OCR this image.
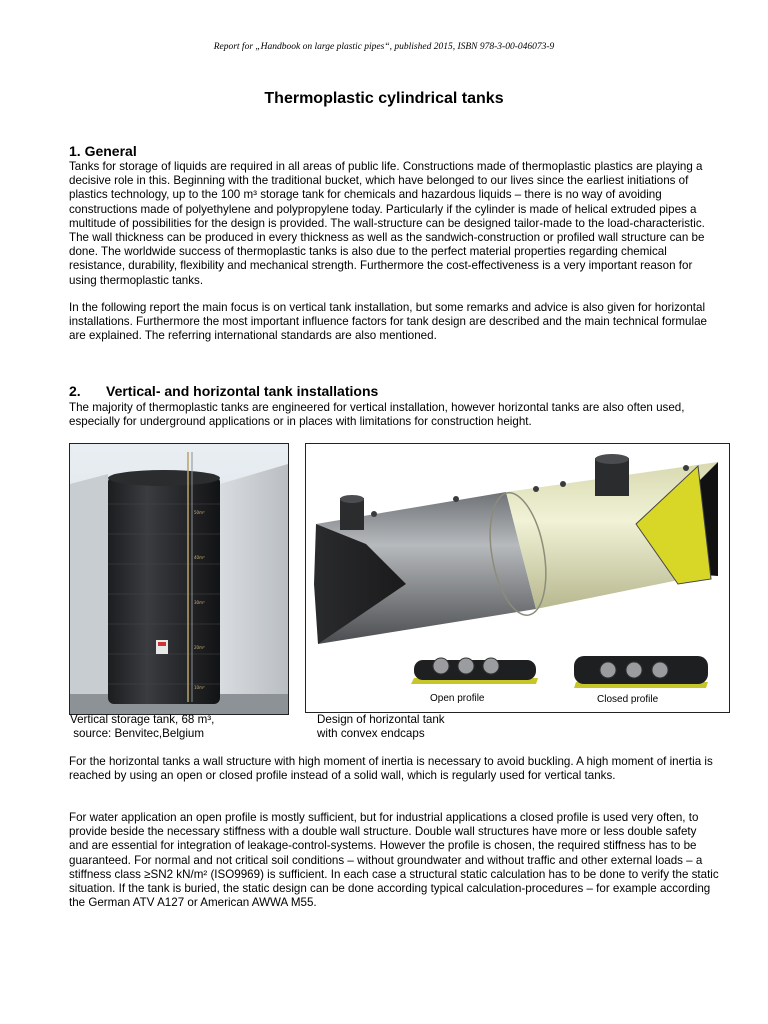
Report for „Handbook on large plastic pipes“, published 2015, ISBN 978-3-00-046073-9
Thermoplastic cylindrical tanks
1. General

Tanks for storage of liquids are required in all areas of public life. Constructions made of thermoplastic plastics are playing a decisive role in this. Beginning with the traditional bucket, which have belonged to our lives since the earliest initiations of plastics technology, up to the 100 m³ storage tank for chemicals and hazardous liquids – there is no way of avoiding constructions made of polyethylene and polypropylene today. Particularly if the cylinder is made of helical extruded pipes a multitude of possibilities for the design is provided. The wall-structure can be designed tailor-made to the load-characteristic. The wall thickness can be produced in every thickness as well as the sandwich-construction or profiled wall structure can be done. The worldwide success of thermoplastic tanks is also due to the perfect material properties regarding chemical resistance, durability, flexibility and mechanical strength. Furthermore the cost-effectiveness is a very important reason for using thermoplastic tanks.

In the following report the main focus is on vertical tank installation, but some remarks and advice is also given for horizontal installations. Furthermore the most important influence factors for tank design are described and the main technical formulae are explained. The referring international standards are also mentioned.

2. Vertical- and horizontal tank installations

The majority of thermoplastic tanks are engineered for vertical installation, however horizontal tanks are also often used, especially for underground applications or in places with limitations for construction height.

50m³
40m³
30m³
20m³
10m³
Open profile	Closed profile

Vertical storage tank, 68 m³,
source: Benvitec,Belgium

Design of horizontal tank
with convex endcaps

For the horizontal tanks a wall structure with high moment of inertia is necessary to avoid buckling. A high moment of inertia is reached by using an open or closed profile instead of a solid wall, which is regularly used for vertical tanks.

For water application an open profile is mostly sufficient, but for industrial applications a closed profile is used very often, to provide beside the necessary stiffness with a double wall structure. Double wall structures have more or less double safety and are essential for integration of leakage-control-systems. However the profile is chosen, the required stiffness has to be guaranteed. For normal and not critical soil conditions – without groundwater and without traffic and other external loads – a stiffness class ≥SN2 kN/m² (ISO9969) is sufficient. In each case a structural static calculation has to be done to verify the static situation. If the tank is buried, the static design can be done according typical calculation-procedures – for example according the German ATV A127 or American AWWA M55.
